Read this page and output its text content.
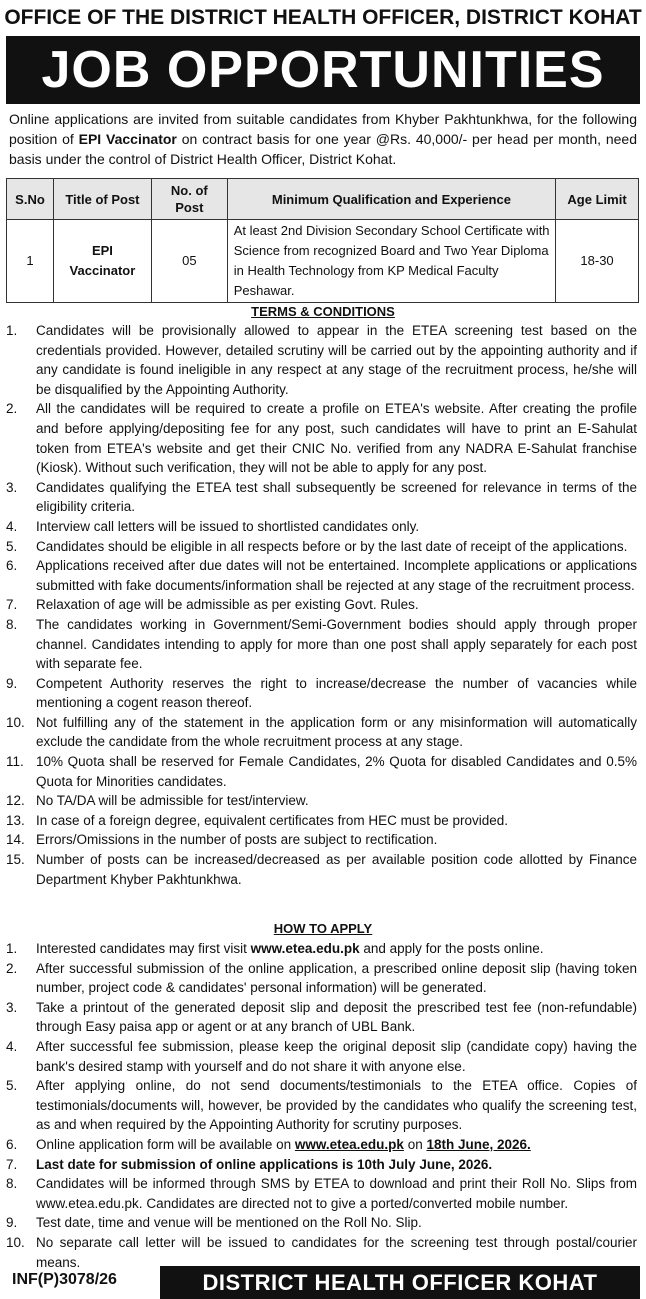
OFFICE OF THE DISTRICT HEALTH OFFICER, DISTRICT KOHAT
JOB OPPORTUNITIES
Online applications are invited from suitable candidates from Khyber Pakhtunkhwa, for the following position of EPI Vaccinator on contract basis for one year @Rs. 40,000/- per head per month, need basis under the control of District Health Officer, District Kohat.
S.No	Title of Post	No. of Post	Minimum Qualification and Experience	Age Limit
1	EPI Vaccinator	05	At least 2nd Division Secondary School Certificate with Science from recognized Board and Two Year Diploma in Health Technology from KP Medical Faculty Peshawar.	18-30
TERMS & CONDITIONS
1.	Candidates will be provisionally allowed to appear in the ETEA screening test based on the credentials provided. However, detailed scrutiny will be carried out by the appointing authority and if any candidate is found ineligible in any respect at any stage of the recruitment process, he/she will be disqualified by the Appointing Authority.
2.	All the candidates will be required to create a profile on ETEA's website. After creating the profile and before applying/depositing fee for any post, such candidates will have to print an E-Sahulat token from ETEA's website and get their CNIC No. verified from any NADRA E-Sahulat franchise (Kiosk). Without such verification, they will not be able to apply for any post.
3.	Candidates qualifying the ETEA test shall subsequently be screened for relevance in terms of the eligibility criteria.
4.	Interview call letters will be issued to shortlisted candidates only.
5.	Candidates should be eligible in all respects before or by the last date of receipt of the applications.
6.	Applications received after due dates will not be entertained. Incomplete applications or applications submitted with fake documents/information shall be rejected at any stage of the recruitment process.
7.	Relaxation of age will be admissible as per existing Govt. Rules.
8.	The candidates working in Government/Semi-Government bodies should apply through proper channel. Candidates intending to apply for more than one post shall apply separately for each post with separate fee.
9.	Competent Authority reserves the right to increase/decrease the number of vacancies while mentioning a cogent reason thereof.
10. Not fulfilling any of the statement in the application form or any misinformation will automatically exclude the candidate from the whole recruitment process at any stage.
11. 10% Quota shall be reserved for Female Candidates, 2% Quota for disabled Candidates and 0.5% Quota for Minorities candidates.
12. No TA/DA will be admissible for test/interview.
13. In case of a foreign degree, equivalent certificates from HEC must be provided.
14. Errors/Omissions in the number of posts are subject to rectification.
15. Number of posts can be increased/decreased as per available position code allotted by Finance Department Khyber Pakhtunkhwa.
HOW TO APPLY
1.	Interested candidates may first visit www.etea.edu.pk and apply for the posts online.
2.	After successful submission of the online application, a prescribed online deposit slip (having token number, project code & candidates' personal information) will be generated.
3.	Take a printout of the generated deposit slip and deposit the prescribed test fee (non-refundable) through Easy paisa app or agent or at any branch of UBL Bank.
4.	After successful fee submission, please keep the original deposit slip (candidate copy) having the bank's desired stamp with yourself and do not share it with anyone else.
5.	After applying online, do not send documents/testimonials to the ETEA office. Copies of testimonials/documents will, however, be provided by the candidates who qualify the screening test, as and when required by the Appointing Authority for scrutiny purposes.
6.	Online application form will be available on www.etea.edu.pk on 18th June, 2026.
7.	Last date for submission of online applications is 10th July June, 2026.
8.	Candidates will be informed through SMS by ETEA to download and print their Roll No. Slips from www.etea.edu.pk. Candidates are directed not to give a ported/converted mobile number.
9.	Test date, time and venue will be mentioned on the Roll No. Slip.
10. No separate call letter will be issued to candidates for the screening test through postal/courier means.
INF(P)3078/26	DISTRICT HEALTH OFFICER KOHAT
